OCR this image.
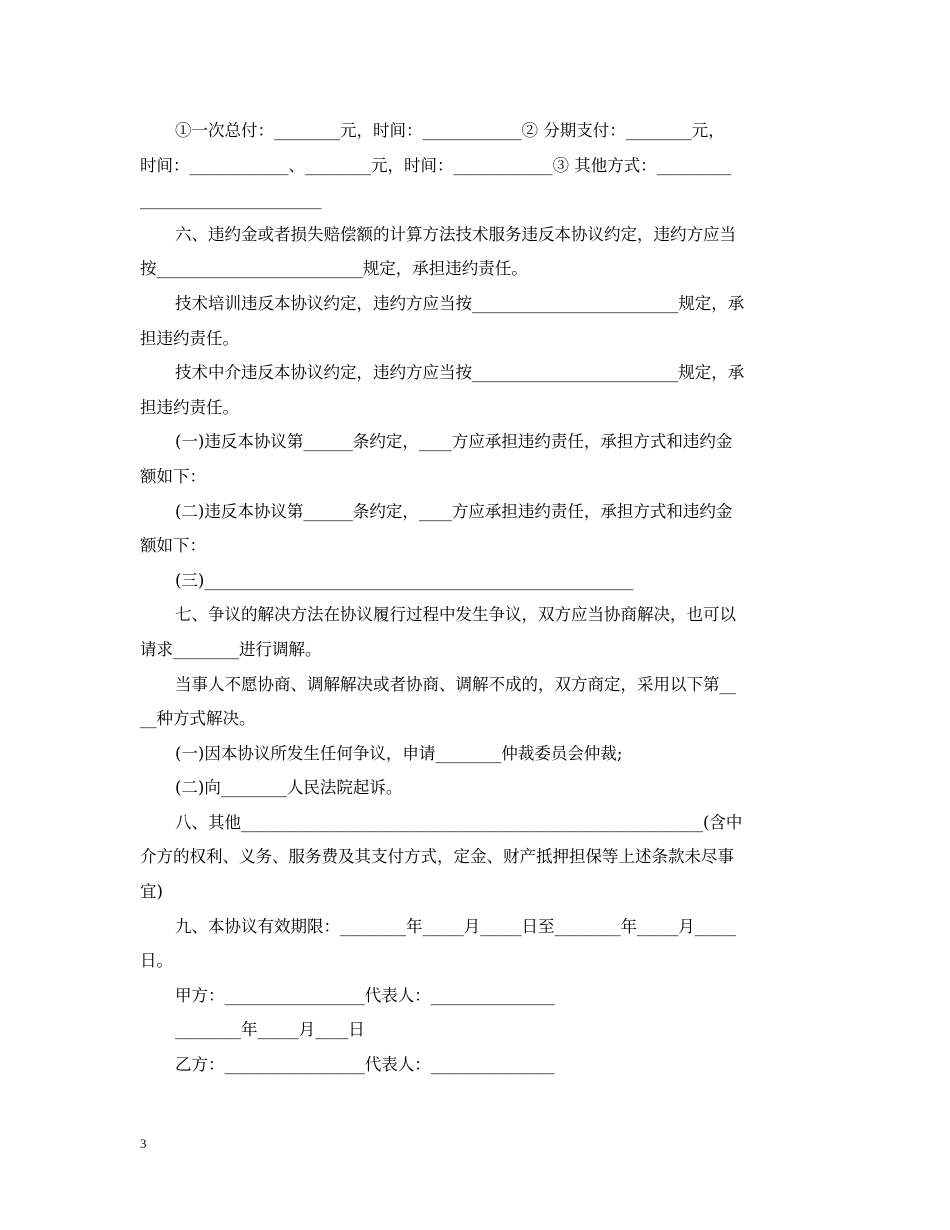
①一次总付：________元，时间：____________② 分期支付：________元，
时间：____________、________元，时间：____________③ 其他方式：_________
______________________
六、违约金或者损失赔偿额的计算方法技术服务违反本协议约定，违约方应当
按_________________________规定，承担违约责任。
技术培训违反本协议约定，违约方应当按_________________________规定，承
担违约责任。
技术中介违反本协议约定，违约方应当按_________________________规定，承
担违约责任。
(一)违反本协议第______条约定，____方应承担违约责任，承担方式和违约金
额如下：
(二)违反本协议第______条约定，____方应承担违约责任，承担方式和违约金
额如下：
(三)____________________________________________________
七、争议的解决方法在协议履行过程中发生争议，双方应当协商解决，也可以
请求________进行调解。
当事人不愿协商、调解解决或者协商、调解不成的，双方商定，采用以下第__
__种方式解决。
(一)因本协议所发生任何争议，申请________仲裁委员会仲裁;
(二)向________人民法院起诉。
八、其他________________________________________________________(含中
介方的权利、义务、服务费及其支付方式，定金、财产抵押担保等上述条款未尽事
宜)
九、本协议有效期限：________年_____月_____日至________年_____月_____
日。
甲方：_________________代表人：_______________
________年_____月____日
乙方：_________________代表人：_______________
3
